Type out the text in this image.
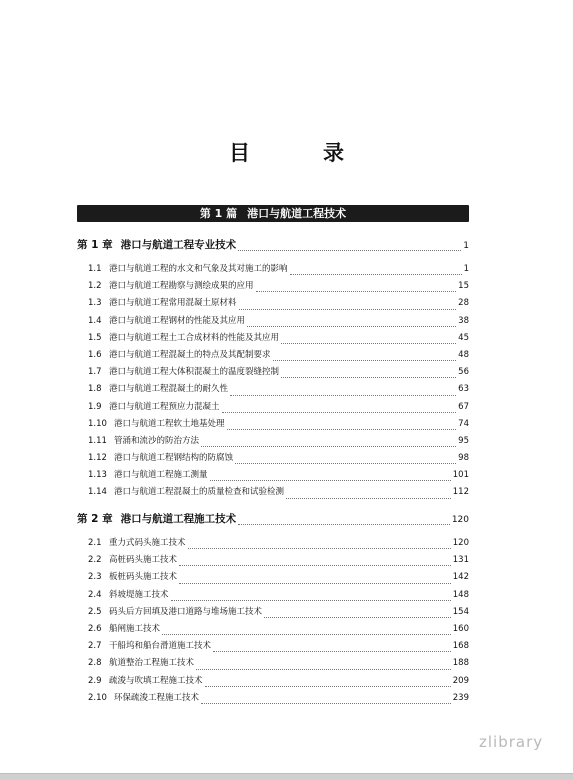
目　录
第 1 篇 港口与航道工程技术
第 1 章 港口与航道工程专业技术	1
1.1 港口与航道工程的水文和气象及其对施工的影响	1
1.2 港口与航道工程勘察与测绘成果的应用	15
1.3 港口与航道工程常用混凝土原材料	28
1.4 港口与航道工程钢材的性能及其应用	38
1.5 港口与航道工程土工合成材料的性能及其应用	45
1.6 港口与航道工程混凝土的特点及其配制要求	48
1.7 港口与航道工程大体积混凝土的温度裂缝控制	56
1.8 港口与航道工程混凝土的耐久性	63
1.9 港口与航道工程预应力混凝土	67
1.10 港口与航道工程软土地基处理	74
1.11 管涌和流沙的防治方法	95
1.12 港口与航道工程钢结构的防腐蚀	98
1.13 港口与航道工程施工测量	101
1.14 港口与航道工程混凝土的质量检查和试验检测	112
第 2 章 港口与航道工程施工技术	120
2.1 重力式码头施工技术	120
2.2 高桩码头施工技术	131
2.3 板桩码头施工技术	142
2.4 斜坡堤施工技术	148
2.5 码头后方回填及港口道路与堆场施工技术	154
2.6 船闸施工技术	160
2.7 干船坞和船台滑道施工技术	168
2.8 航道整治工程施工技术	188
2.9 疏浚与吹填工程施工技术	209
2.10 环保疏浚工程施工技术	239
zlibrary
